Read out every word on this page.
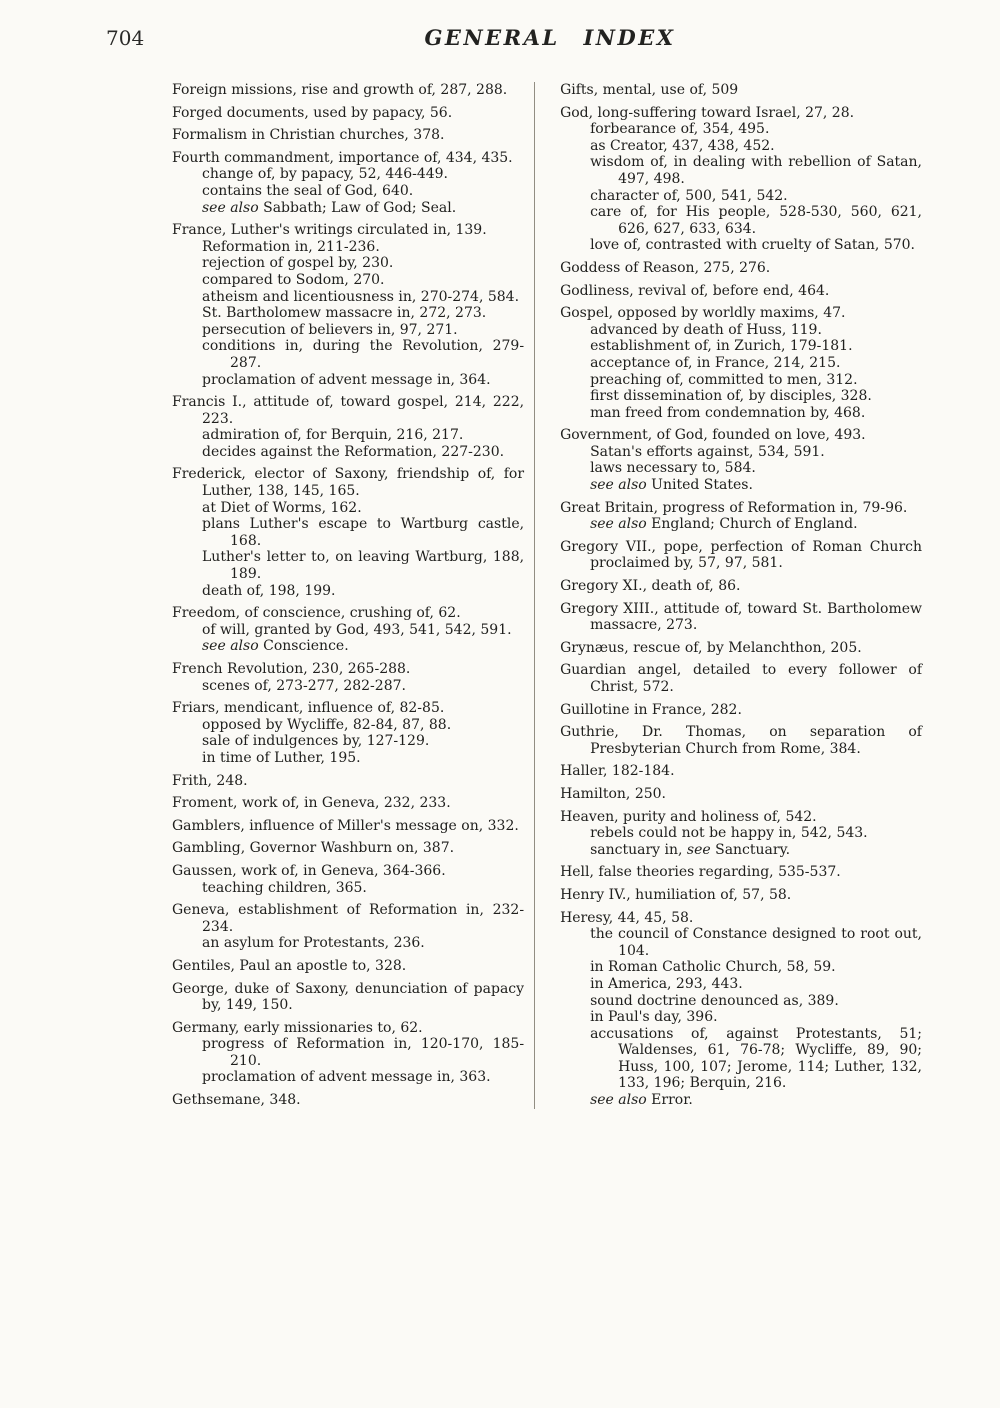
704	GENERAL INDEX
Foreign missions, rise and growth of, 287, 288.
Forged documents, used by papacy, 56.
Formalism in Christian churches, 378.
Fourth commandment, importance of, 434, 435.
change of, by papacy, 52, 446-449.
contains the seal of God, 640.
see also Sabbath; Law of God; Seal.
France, Luther's writings circulated in, 139.
Reformation in, 211-236.
rejection of gospel by, 230.
compared to Sodom, 270.
atheism and licentiousness in, 270-274, 584.
St. Bartholomew massacre in, 272, 273.
persecution of believers in, 97, 271.
conditions in, during the Revolution, 279-287.
proclamation of advent message in, 364.
Francis I., attitude of, toward gospel, 214, 222, 223.
admiration of, for Berquin, 216, 217.
decides against the Reformation, 227-230.
Frederick, elector of Saxony, friendship of, for Luther, 138, 145, 165.
at Diet of Worms, 162.
plans Luther's escape to Wartburg castle, 168.
Luther's letter to, on leaving Wartburg, 188, 189.
death of, 198, 199.
Freedom, of conscience, crushing of, 62.
of will, granted by God, 493, 541, 542, 591.
see also Conscience.
French Revolution, 230, 265-288.
scenes of, 273-277, 282-287.
Friars, mendicant, influence of, 82-85.
opposed by Wycliffe, 82-84, 87, 88.
sale of indulgences by, 127-129.
in time of Luther, 195.
Frith, 248.
Froment, work of, in Geneva, 232, 233.
Gamblers, influence of Miller's message on, 332.
Gambling, Governor Washburn on, 387.
Gaussen, work of, in Geneva, 364-366.
teaching children, 365.
Geneva, establishment of Reformation in, 232-234.
an asylum for Protestants, 236.
Gentiles, Paul an apostle to, 328.
George, duke of Saxony, denunciation of papacy by, 149, 150.
Germany, early missionaries to, 62.
progress of Reformation in, 120-170, 185-210.
proclamation of advent message in, 363.
Gethsemane, 348.
Gifts, mental, use of, 509
God, long-suffering toward Israel, 27, 28.
forbearance of, 354, 495.
as Creator, 437, 438, 452.
wisdom of, in dealing with rebellion of Satan, 497, 498.
character of, 500, 541, 542.
care of, for His people, 528-530, 560, 621, 626, 627, 633, 634.
love of, contrasted with cruelty of Satan, 570.
Goddess of Reason, 275, 276.
Godliness, revival of, before end, 464.
Gospel, opposed by worldly maxims, 47.
advanced by death of Huss, 119.
establishment of, in Zurich, 179-181.
acceptance of, in France, 214, 215.
preaching of, committed to men, 312.
first dissemination of, by disciples, 328.
man freed from condemnation by, 468.
Government, of God, founded on love, 493.
Satan's efforts against, 534, 591.
laws necessary to, 584.
see also United States.
Great Britain, progress of Reformation in, 79-96.
see also England; Church of England.
Gregory VII., pope, perfection of Roman Church proclaimed by, 57, 97, 581.
Gregory XI., death of, 86.
Gregory XIII., attitude of, toward St. Bartholomew massacre, 273.
Grynæus, rescue of, by Melanchthon, 205.
Guardian angel, detailed to every follower of Christ, 572.
Guillotine in France, 282.
Guthrie, Dr. Thomas, on separation of Presbyterian Church from Rome, 384.
Haller, 182-184.
Hamilton, 250.
Heaven, purity and holiness of, 542.
rebels could not be happy in, 542, 543.
sanctuary in, see Sanctuary.
Hell, false theories regarding, 535-537.
Henry IV., humiliation of, 57, 58.
Heresy, 44, 45, 58.
the council of Constance designed to root out, 104.
in Roman Catholic Church, 58, 59.
in America, 293, 443.
sound doctrine denounced as, 389.
in Paul's day, 396.
accusations of, against Protestants, 51; Waldenses, 61, 76-78; Wycliffe, 89, 90; Huss, 100, 107; Jerome, 114; Luther, 132, 133, 196; Berquin, 216.
see also Error.
